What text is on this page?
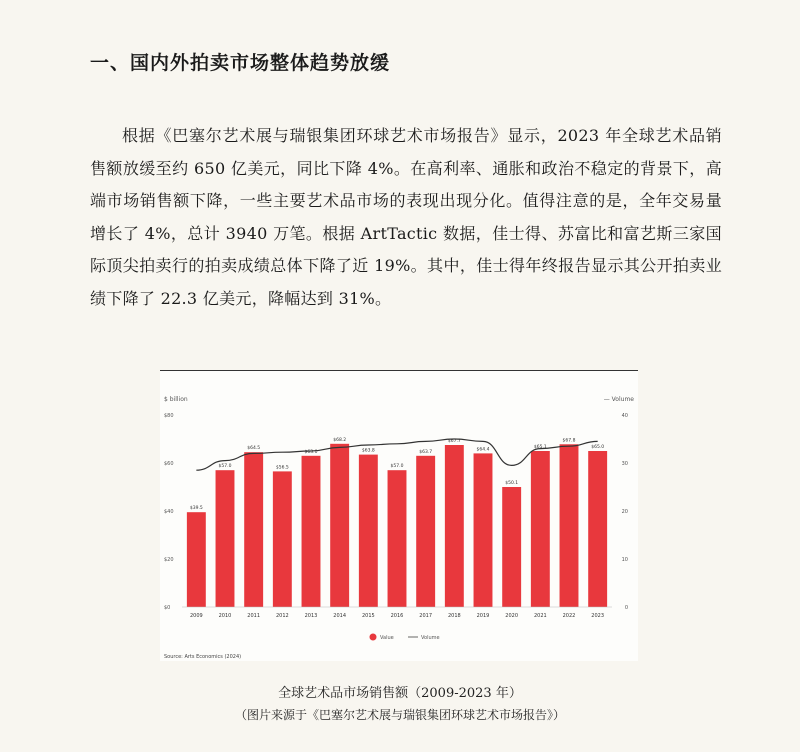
一、国内外拍卖市场整体趋势放缓
根据《巴塞尔艺术展与瑞银集团环球艺术市场报告》显示，2023 年全球艺术品销售额放缓至约 650 亿美元，同比下降 4%。在高利率、通胀和政治不稳定的背景下，高端市场销售额下降，一些主要艺术品市场的表现出现分化。值得注意的是，全年交易量增长了 4%，总计 3940 万笔。根据 ArtTactic 数据，佳士得、苏富比和富艺斯三家国际顶尖拍卖行的拍卖成绩总体下降了近 19%。其中，佳士得年终报告显示其公开拍卖业绩下降了 22.3 亿美元，降幅达到 31%。
$ billion	— Volume
$0
$20
$40
$60
$80
0
10
20
30
40
$39.5
2009
$57.0
2010
$64.5
2011
$56.5
2012
$63.0
2013
$68.2
2014
$63.8
2015
$57.0
2016
$63.7
2017
$67.7
2018
$64.4
2019
$50.1
2020
$65.1
2021
$67.8
2022
$65.0
2023
Value	Volume
Source: Arts Economics (2024)
全球艺术品市场销售额（2009-2023 年）
（图片来源于《巴塞尔艺术展与瑞银集团环球艺术市场报告》）
